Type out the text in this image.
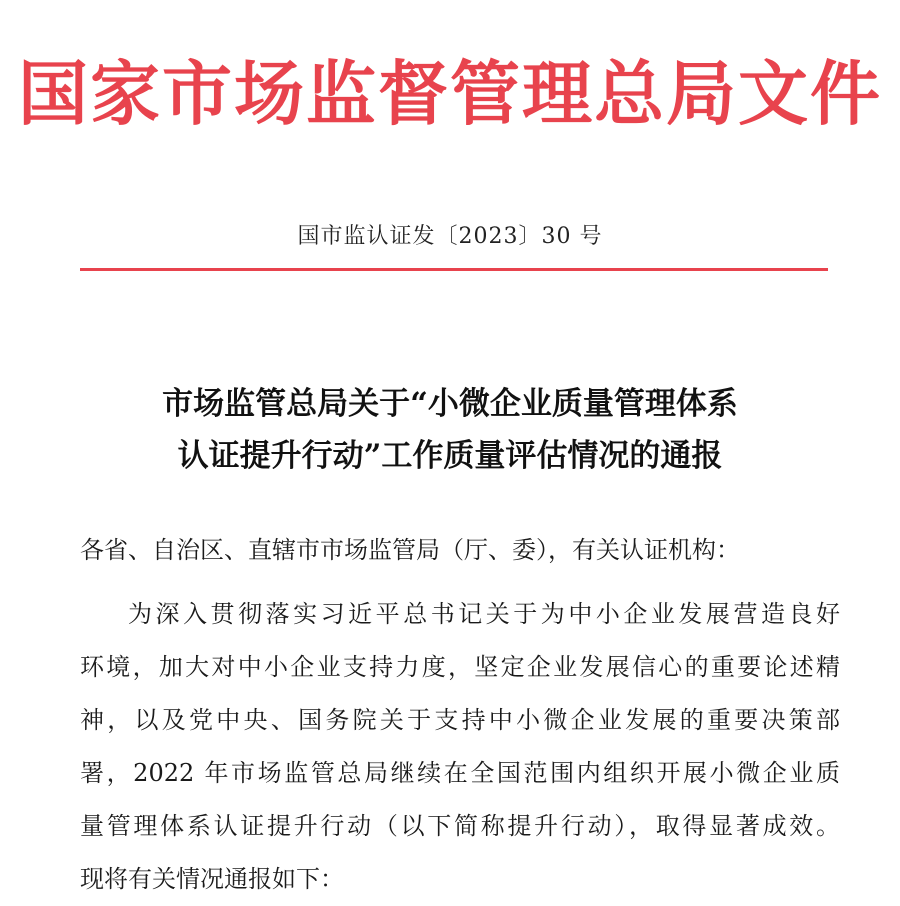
国家市场监督管理总局文件
国市监认证发〔2023〕30 号
市场监管总局关于“小微企业质量管理体系
认证提升行动”工作质量评估情况的通报
各省、自治区、直辖市市场监管局（厅、委），有关认证机构：
为深入贯彻落实习近平总书记关于为中小企业发展营造良好
环境，加大对中小企业支持力度，坚定企业发展信心的重要论述精
神，以及党中央、国务院关于支持中小微企业发展的重要决策部
署，2022 年市场监管总局继续在全国范围内组织开展小微企业质
量管理体系认证提升行动（以下简称提升行动），取得显著成效。
现将有关情况通报如下：
